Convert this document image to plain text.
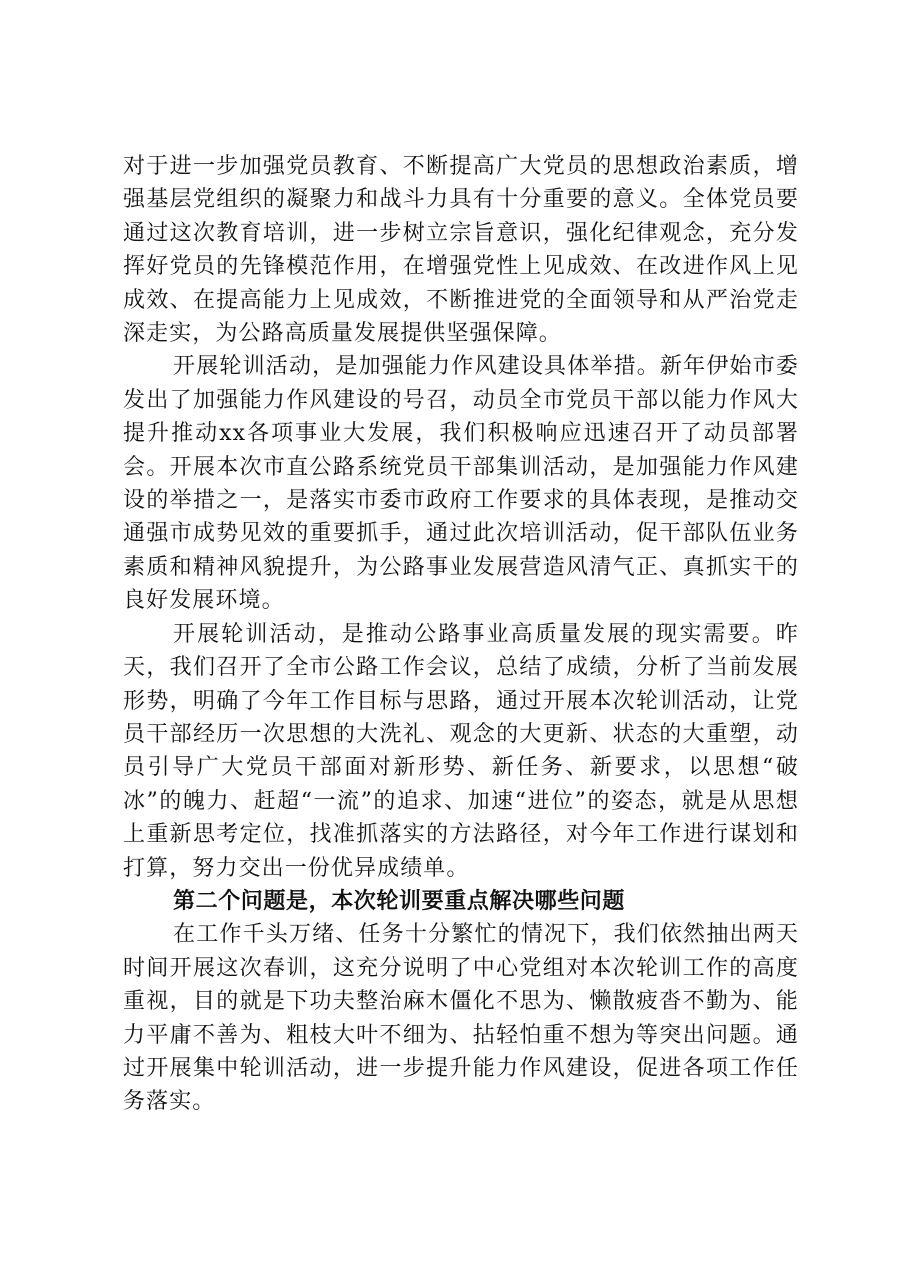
对于进一步加强党员教育、不断提高广大党员的思想政治素质，增强基层党组织的凝聚力和战斗力具有十分重要的意义。全体党员要通过这次教育培训，进一步树立宗旨意识，强化纪律观念，充分发挥好党员的先锋模范作用，在增强党性上见成效、在改进作风上见成效、在提高能力上见成效，不断推进党的全面领导和从严治党走深走实，为公路高质量发展提供坚强保障。

开展轮训活动，是加强能力作风建设具体举措。新年伊始市委发出了加强能力作风建设的号召，动员全市党员干部以能力作风大提升推动xx各项事业大发展，我们积极响应迅速召开了动员部署会。开展本次市直公路系统党员干部集训活动，是加强能力作风建设的举措之一，是落实市委市政府工作要求的具体表现，是推动交通强市成势见效的重要抓手，通过此次培训活动，促干部队伍业务素质和精神风貌提升，为公路事业发展营造风清气正、真抓实干的良好发展环境。

开展轮训活动，是推动公路事业高质量发展的现实需要。昨天，我们召开了全市公路工作会议，总结了成绩，分析了当前发展形势，明确了今年工作目标与思路，通过开展本次轮训活动，让党员干部经历一次思想的大洗礼、观念的大更新、状态的大重塑，动员引导广大党员干部面对新形势、新任务、新要求，以思想“破冰”的魄力、赶超“一流”的追求、加速“进位”的姿态，就是从思想上重新思考定位，找准抓落实的方法路径，对今年工作进行谋划和打算，努力交出一份优异成绩单。

第二个问题是，本次轮训要重点解决哪些问题

在工作千头万绪、任务十分繁忙的情况下，我们依然抽出两天时间开展这次春训，这充分说明了中心党组对本次轮训工作的高度重视，目的就是下功夫整治麻木僵化不思为、懒散疲沓不勤为、能力平庸不善为、粗枝大叶不细为、拈轻怕重不想为等突出问题。通过开展集中轮训活动，进一步提升能力作风建设，促进各项工作任务落实。
